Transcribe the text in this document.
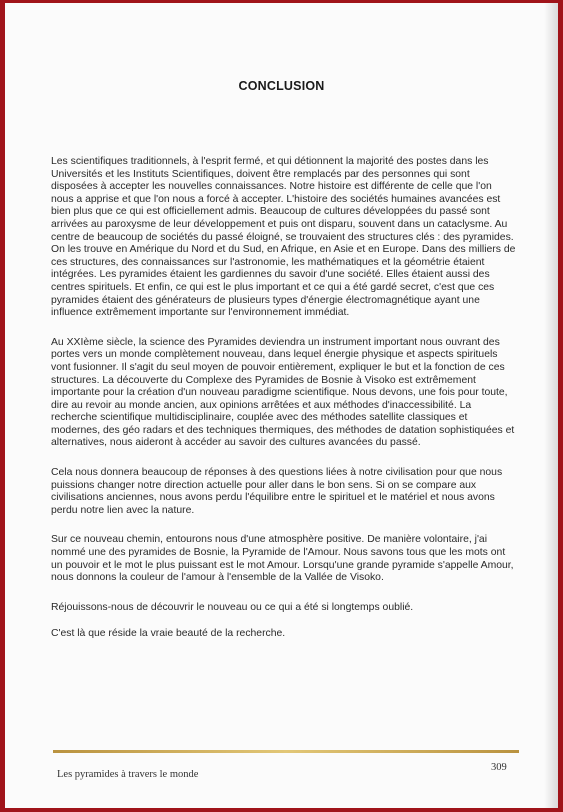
CONCLUSION

Les scientifiques traditionnels, à l'esprit fermé, et qui détionnent la majorité des postes dans les Universités et les Instituts Scientifiques, doivent être remplacés par des personnes qui sont disposées à accepter les nouvelles connaissances. Notre histoire est différente de celle que l'on nous a apprise et que l'on nous a forcé à accepter. L'histoire des sociétés humaines avancées est bien plus que ce qui est officiellement admis. Beaucoup de cultures développées du passé sont arrivées au paroxysme de leur développement et puis ont disparu, souvent dans un cataclysme. Au centre de beaucoup de sociétés du passé éloigné, se trouvaient des structures clés : des pyramides. On les trouve en Amérique du Nord et du Sud, en Afrique, en Asie et en Europe. Dans des milliers de ces structures, des connaissances sur l'astronomie, les mathématiques et la géométrie étaient intégrées. Les pyramides étaient les gardiennes du savoir d'une société. Elles étaient aussi des centres spirituels. Et enfin, ce qui est le plus important et ce qui a été gardé secret, c'est que ces pyramides étaient des générateurs de plusieurs types d'énergie électromagnétique ayant une influence extrêmement importante sur l'environnement immédiat.

Au XXIème siècle, la science des Pyramides deviendra un instrument important nous ouvrant des portes vers un monde complètement nouveau, dans lequel énergie physique et aspects spirituels vont fusionner. Il s'agit du seul moyen de pouvoir entièrement, expliquer le but et la fonction de ces structures. La découverte du Complexe des Pyramides de Bosnie à Visoko est extrêmement importante pour la création d'un nouveau paradigme scientifique. Nous devons, une fois pour toute, dire au revoir au monde ancien, aux opinions arrêtées et aux méthodes d'inaccessibilité. La recherche scientifique multidisciplinaire, couplée avec des méthodes satellite classiques et modernes, des géo radars et des techniques thermiques, des méthodes de datation sophistiquées et alternatives, nous aideront à accéder au savoir des cultures avancées du passé.

Cela nous donnera beaucoup de réponses à des questions liées à notre civilisation pour que nous puissions changer notre direction actuelle pour aller dans le bon sens. Si on se compare aux civilisations anciennes, nous avons perdu l'équilibre entre le spirituel et le matériel et nous avons perdu notre lien avec la nature.

Sur ce nouveau chemin, entourons nous d'une atmosphère positive. De manière volontaire, j'ai nommé une des pyramides de Bosnie, la Pyramide de l'Amour. Nous savons tous que les mots ont un pouvoir et le mot le plus puissant est le mot Amour. Lorsqu'une grande pyramide s'appelle Amour, nous donnons la couleur de l'amour à l'ensemble de la Vallée de Visoko.

Réjouissons-nous de découvrir le nouveau ou ce qui a été si longtemps oublié.

C'est là que réside la vraie beauté de la recherche.

Les pyramides à travers le monde
309
